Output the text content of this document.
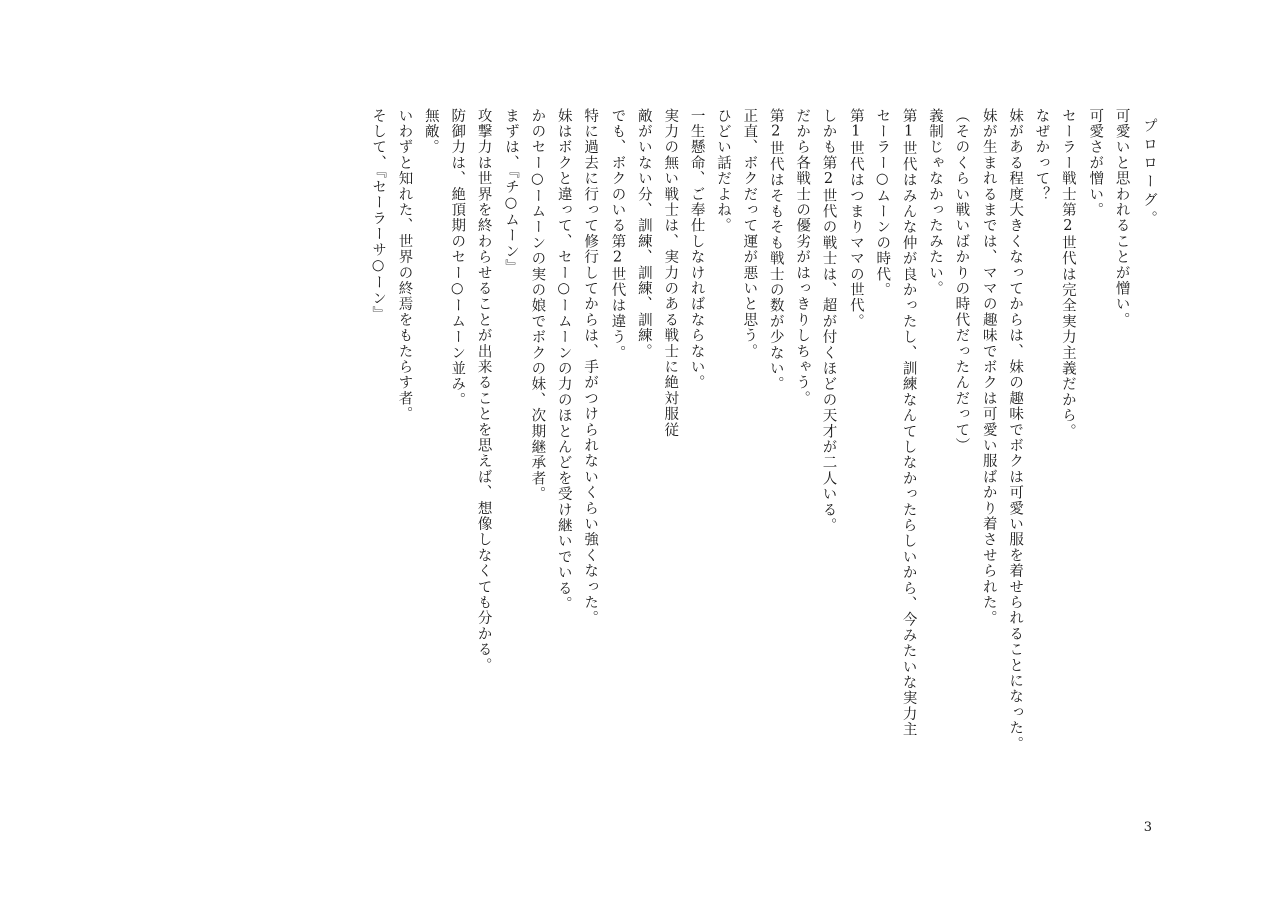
プロローグ。
可愛いと思われることが憎い。
可愛さが憎い。
セーラー戦士第2世代は完全実力主義だから。
なぜかって？
妹がある程度大きくなってからは、妹の趣味でボクは可愛い服を着せられることになった。
妹が生まれるまでは、ママの趣味でボクは可愛い服ばかり着させられた。
（そのくらい戦いばかりの時代だったんだって）
義制じゃなかったみたい。
第1世代はみんな仲が良かったし、訓練なんてしなかったらしいから、今みたいな実力主
セーラー○ムーンの時代。
第1世代はつまりママの世代。
しかも第2世代の戦士は、超が付くほどの天才が二人いる。
だから各戦士の優劣がはっきりしちゃう。
第2世代はそもそも戦士の数が少ない。
正直、ボクだって運が悪いと思う。
ひどい話だよね。
一生懸命、ご奉仕しなければならない。
実力の無い戦士は、実力のある戦士に絶対服従
敵がいない分、訓練、訓練、訓練。
でも、ボクのいる第2世代は違う。
特に過去に行って修行してからは、手がつけられないくらい強くなった。
妹はボクと違って、セー○ームーンの力のほとんどを受け継いでいる。
かのセー○ームーンの実の娘でボクの妹、次期継承者。
まずは、『チ○ムーン』
攻撃力は世界を終わらせることが出来ることを思えば、想像しなくても分かる。
防御力は、絶頂期のセー○ームーン並み。
無敵。
いわずと知れた、世界の終焉をもたらす者。
そして、『セーラーサ○ーン』
3
